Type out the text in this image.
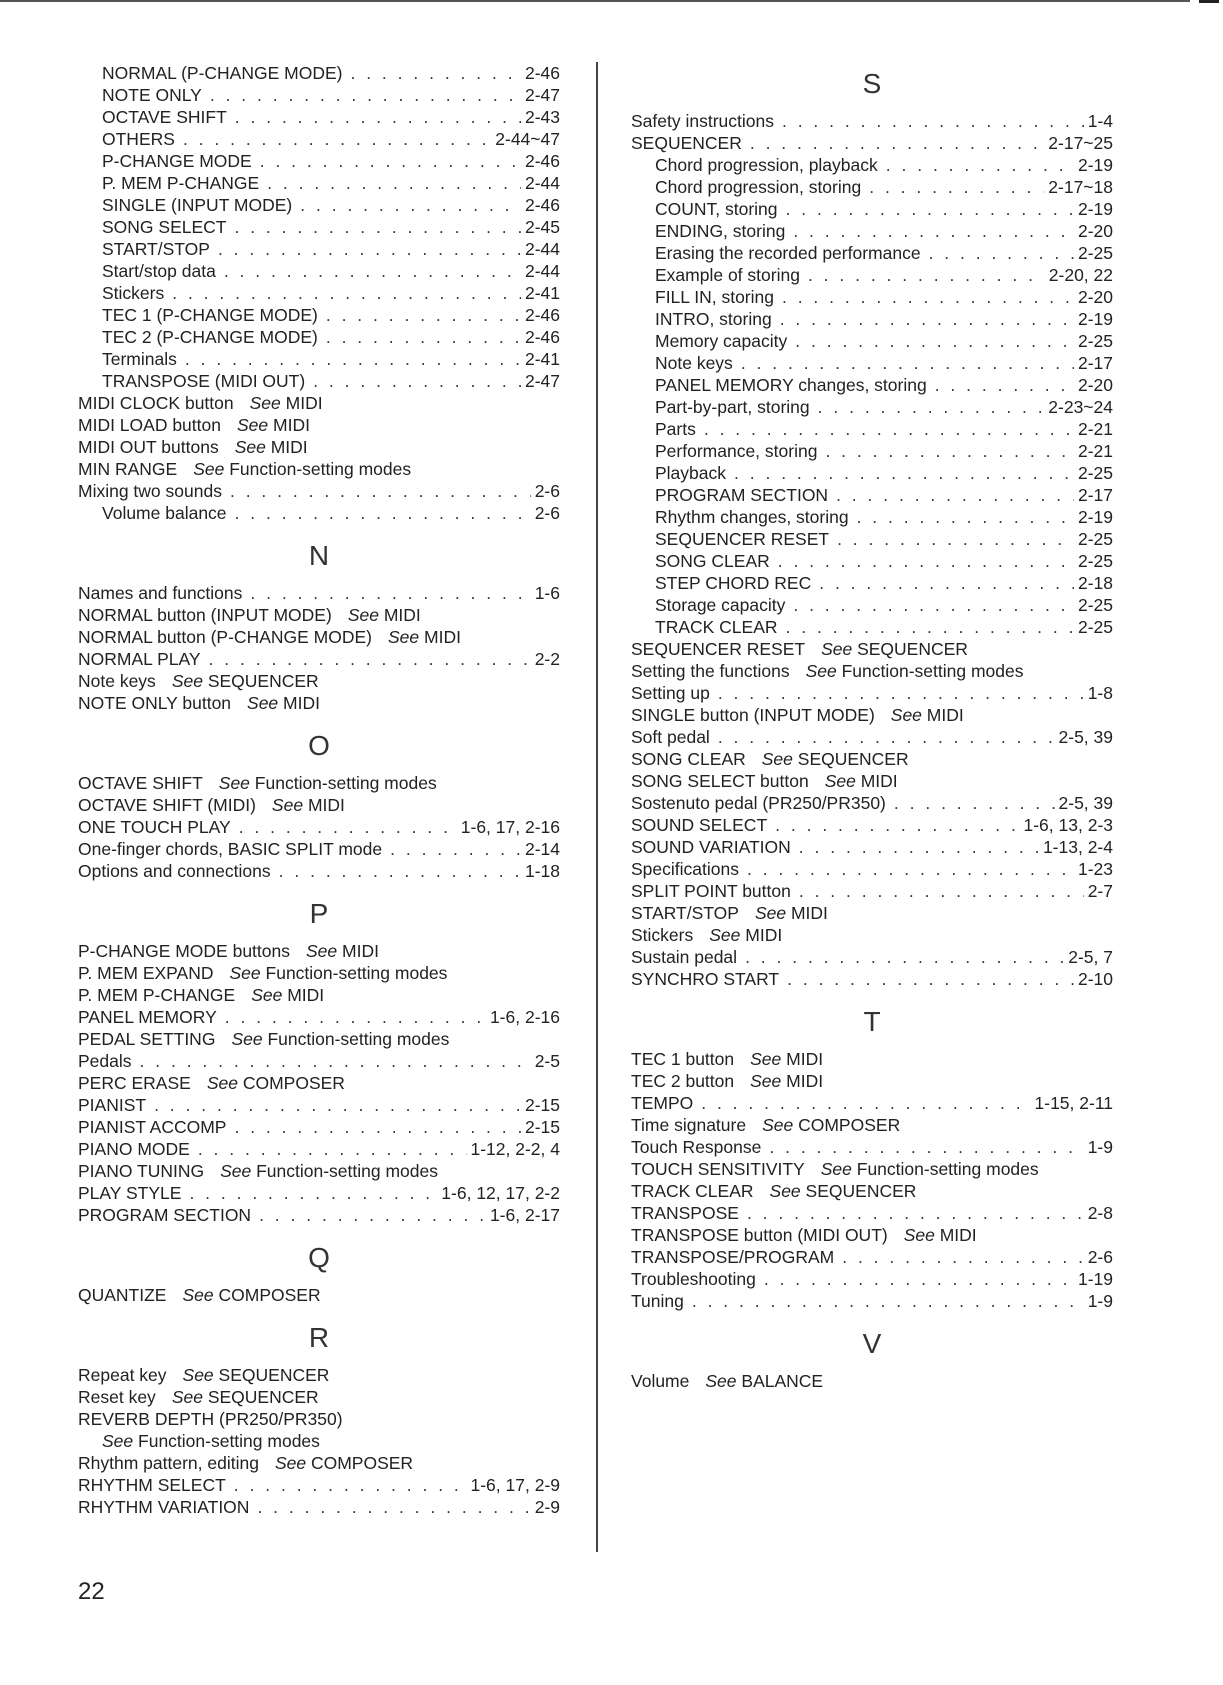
NORMAL (P-CHANGE MODE) . . .	2-46
NOTE ONLY . . .	2-47
OCTAVE SHIFT . . .	2-43
OTHERS . . .	2-44~47
P-CHANGE MODE . . .	2-46
P. MEM P-CHANGE . . .	2-44
SINGLE (INPUT MODE) . . .	2-46
SONG SELECT . . .	2-45
START/STOP . . .	2-44
Start/stop data . . .	2-44
Stickers . . .	2-41
TEC 1 (P-CHANGE MODE) . . .	2-46
TEC 2 (P-CHANGE MODE) . . .	2-46
Terminals . . .	2-41
TRANSPOSE (MIDI OUT) . . .	2-47
MIDI CLOCK button See MIDI
MIDI LOAD button See MIDI
MIDI OUT buttons See MIDI
MIN RANGE See Function-setting modes
Mixing two sounds . . .	2-6
Volume balance . . .	2-6
N
Names and functions . . .	1-6
NORMAL button (INPUT MODE) See MIDI
NORMAL button (P-CHANGE MODE) See MIDI
NORMAL PLAY . . .	2-2
Note keys See SEQUENCER
NOTE ONLY button See MIDI
O
OCTAVE SHIFT See Function-setting modes
OCTAVE SHIFT (MIDI) See MIDI
ONE TOUCH PLAY . . .	1-6, 17, 2-16
One-finger chords, BASIC SPLIT mode . . .	2-14
Options and connections . . .	1-18
P
P-CHANGE MODE buttons See MIDI
P. MEM EXPAND See Function-setting modes
P. MEM P-CHANGE See MIDI
PANEL MEMORY . . .	1-6, 2-16
PEDAL SETTING See Function-setting modes
Pedals . . .	2-5
PERC ERASE See COMPOSER
PIANIST . . .	2-15
PIANIST ACCOMP . . .	2-15
PIANO MODE . . .	1-12, 2-2, 4
PIANO TUNING See Function-setting modes
PLAY STYLE . . .	1-6, 12, 17, 2-2
PROGRAM SECTION . . .	1-6, 2-17
Q
QUANTIZE See COMPOSER
R
Repeat key See SEQUENCER
Reset key See SEQUENCER
REVERB DEPTH (PR250/PR350)
See Function-setting modes
Rhythm pattern, editing See COMPOSER
RHYTHM SELECT . . .	1-6, 17, 2-9
RHYTHM VARIATION . . .	2-9
S
Safety instructions . . .	1-4
SEQUENCER . . .	2-17~25
Chord progression, playback . . .	2-19
Chord progression, storing . . .	2-17~18
COUNT, storing . . .	2-19
ENDING, storing . . .	2-20
Erasing the recorded performance . . .	2-25
Example of storing . . .	2-20, 22
FILL IN, storing . . .	2-20
INTRO, storing . . .	2-19
Memory capacity . . .	2-25
Note keys . . .	2-17
PANEL MEMORY changes, storing . . .	2-20
Part-by-part, storing . . .	2-23~24
Parts . . .	2-21
Performance, storing . . .	2-21
Playback . . .	2-25
PROGRAM SECTION . . .	2-17
Rhythm changes, storing . . .	2-19
SEQUENCER RESET . . .	2-25
SONG CLEAR . . .	2-25
STEP CHORD REC . . .	2-18
Storage capacity . . .	2-25
TRACK CLEAR . . .	2-25
SEQUENCER RESET See SEQUENCER
Setting the functions See Function-setting modes
Setting up . . .	1-8
SINGLE button (INPUT MODE) See MIDI
Soft pedal . . .	2-5, 39
SONG CLEAR See SEQUENCER
SONG SELECT button See MIDI
Sostenuto pedal (PR250/PR350) . . .	2-5, 39
SOUND SELECT . . .	1-6, 13, 2-3
SOUND VARIATION . . .	1-13, 2-4
Specifications . . .	1-23
SPLIT POINT button . . .	2-7
START/STOP See MIDI
Stickers See MIDI
Sustain pedal . . .	2-5, 7
SYNCHRO START . . .	2-10
T
TEC 1 button See MIDI
TEC 2 button See MIDI
TEMPO . . .	1-15, 2-11
Time signature See COMPOSER
Touch Response . . .	1-9
TOUCH SENSITIVITY See Function-setting modes
TRACK CLEAR See SEQUENCER
TRANSPOSE . . .	2-8
TRANSPOSE button (MIDI OUT) See MIDI
TRANSPOSE/PROGRAM . . .	2-6
Troubleshooting . . .	1-19
Tuning . . .	1-9
V
Volume See BALANCE
22
